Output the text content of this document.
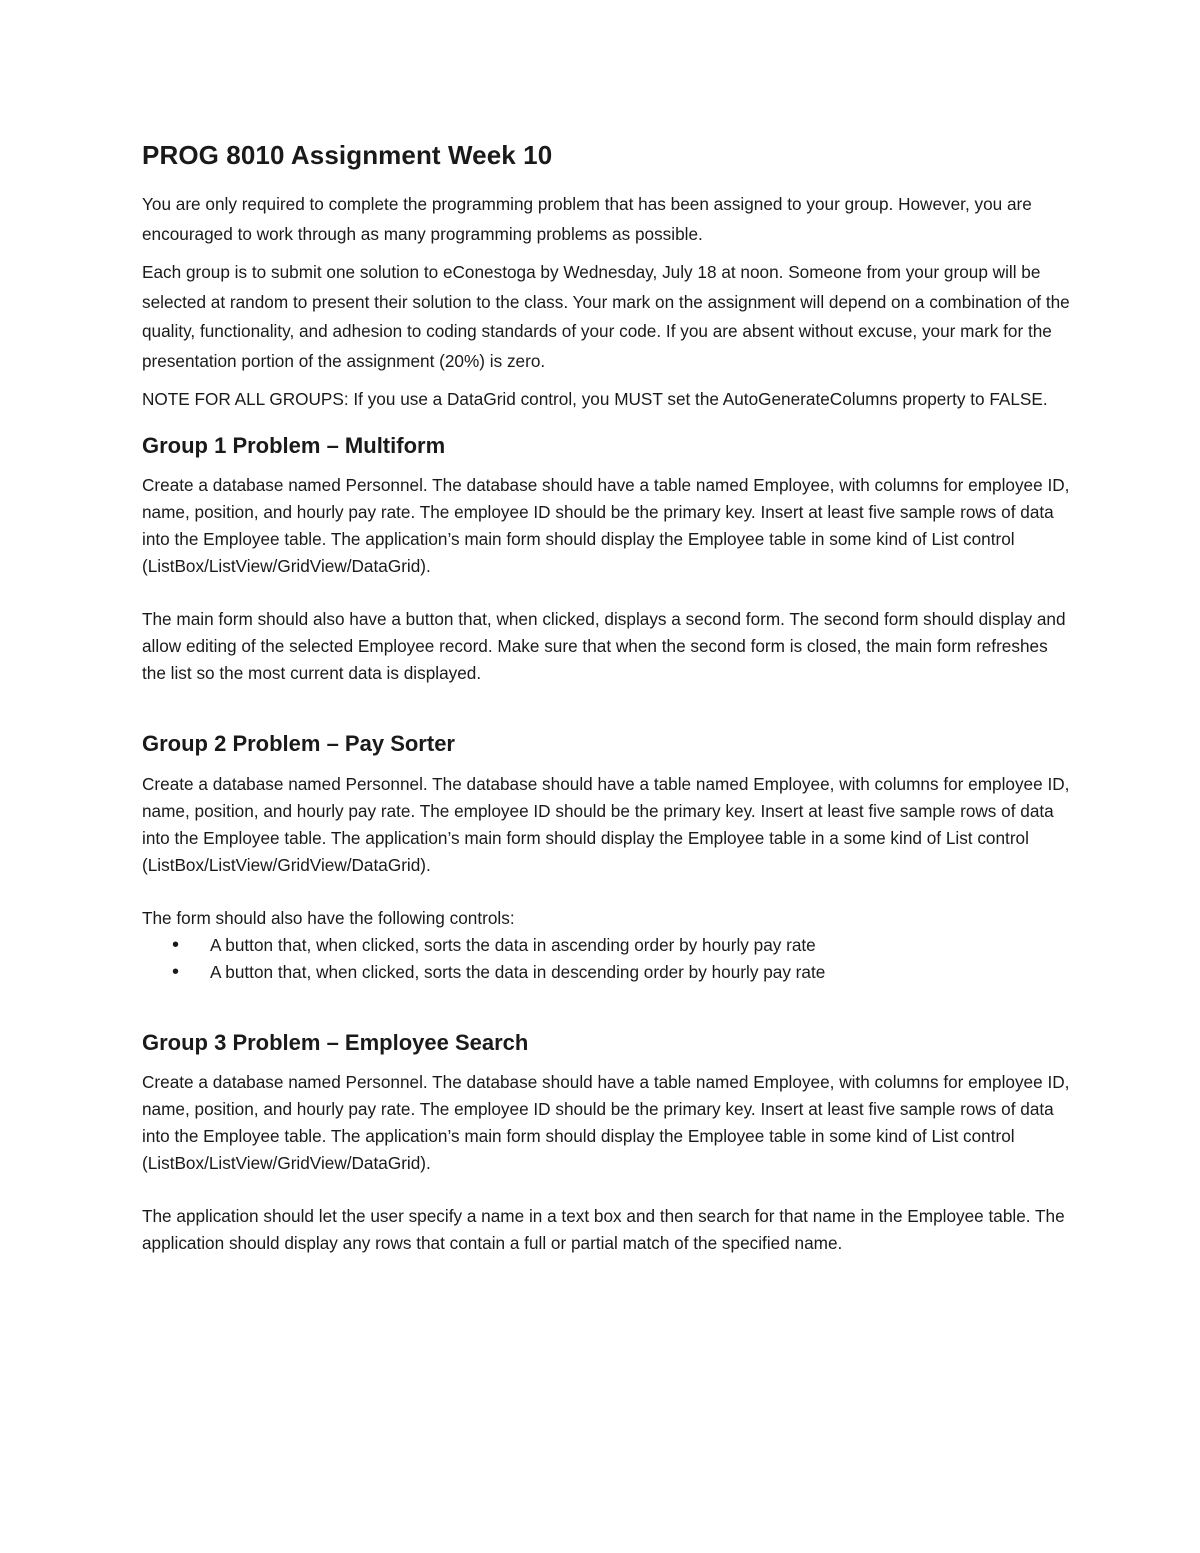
PROG 8010 Assignment Week 10

You are only required to complete the programming problem that has been assigned to your group. However, you are encouraged to work through as many programming problems as possible.

Each group is to submit one solution to eConestoga by Wednesday, July 18 at noon. Someone from your group will be selected at random to present their solution to the class. Your mark on the assignment will depend on a combination of the quality, functionality, and adhesion to coding standards of your code. If you are absent without excuse, your mark for the presentation portion of the assignment (20%) is zero.

NOTE FOR ALL GROUPS: If you use a DataGrid control, you MUST set the AutoGenerateColumns property to FALSE.

Group 1 Problem – Multiform

Create a database named Personnel. The database should have a table named Employee, with columns for employee ID, name, position, and hourly pay rate. The employee ID should be the primary key. Insert at least five sample rows of data into the Employee table. The application’s main form should display the Employee table in some kind of List control (ListBox/ListView/GridView/DataGrid).

The main form should also have a button that, when clicked, displays a second form. The second form should display and allow editing of the selected Employee record. Make sure that when the second form is closed, the main form refreshes the list so the most current data is displayed.

Group 2 Problem – Pay Sorter

Create a database named Personnel. The database should have a table named Employee, with columns for employee ID, name, position, and hourly pay rate. The employee ID should be the primary key. Insert at least five sample rows of data into the Employee table. The application’s main form should display the Employee table in a some kind of List control (ListBox/ListView/GridView/DataGrid).

The form should also have the following controls:

• A button that, when clicked, sorts the data in ascending order by hourly pay rate
• A button that, when clicked, sorts the data in descending order by hourly pay rate
Group 3 Problem – Employee Search

Create a database named Personnel. The database should have a table named Employee, with columns for employee ID, name, position, and hourly pay rate. The employee ID should be the primary key. Insert at least five sample rows of data into the Employee table. The application’s main form should display the Employee table in some kind of List control (ListBox/ListView/GridView/DataGrid).

The application should let the user specify a name in a text box and then search for that name in the Employee table. The application should display any rows that contain a full or partial match of the specified name.
